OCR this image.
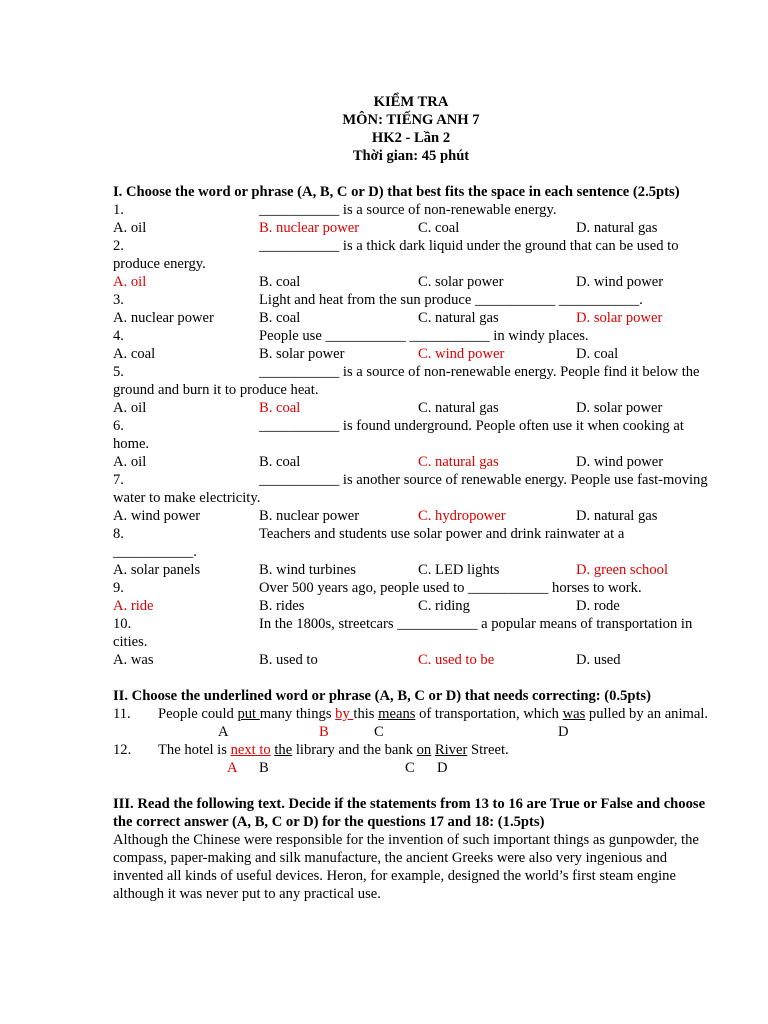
KIỂM TRA
MÔN: TIẾNG ANH 7
HK2 - Lần 2
Thời gian: 45 phút
I. Choose the word or phrase (A, B, C or D) that best fits the space in each sentence (2.5pts)
1.	___________ is a source of non-renewable energy.
A. oil	B. nuclear power	C. coal	D. natural gas
2.	___________ is a thick dark liquid under the ground that can be used to produce energy.
A. oil	B. coal	C. solar power	D. wind power
3.	Light and heat from the sun produce ___________ ___________.
A. nuclear power	B. coal	C. natural gas	D. solar power
4.	People use ___________ ___________ in windy places.
A. coal	B. solar power	C. wind power	D. coal
5.	___________ is a source of non-renewable energy. People find it below the ground and burn it to produce heat.
A. oil	B. coal	C. natural gas	D. solar power
6.	___________ is found underground. People often use it when cooking at home.
A. oil	B. coal	C. natural gas	D. wind power
7.	___________ is another source of renewable energy. People use fast-moving water to make electricity.
A. wind power	B. nuclear power	C. hydropower	D. natural gas
8.	Teachers and students use solar power and drink rainwater at a ___________.
A. solar panels	B. wind turbines	C. LED lights	D. green school
9.	Over 500 years ago, people used to ___________ horses to work.
A. ride	B. rides	C. riding	D. rode
10.	In the 1800s, streetcars ___________ a popular means of transportation in cities.
A. was	B. used to	C. used to be	D. used
II. Choose the underlined word or phrase (A, B, C or D) that needs correcting: (0.5pts)
11.	People could put many things by this means of transportation, which was pulled by an animal.
A	B	C	D
12.	The hotel is next to the library and the bank on River Street.
A B	C D
III. Read the following text. Decide if the statements from 13 to 16 are True or False and choose the correct answer (A, B, C or D) for the questions 17 and 18: (1.5pts)
Although the Chinese were responsible for the invention of such important things as gunpowder, the compass, paper-making and silk manufacture, the ancient Greeks were also very ingenious and invented all kinds of useful devices. Heron, for example, designed the world’s first steam engine although it was never put to any practical use.
